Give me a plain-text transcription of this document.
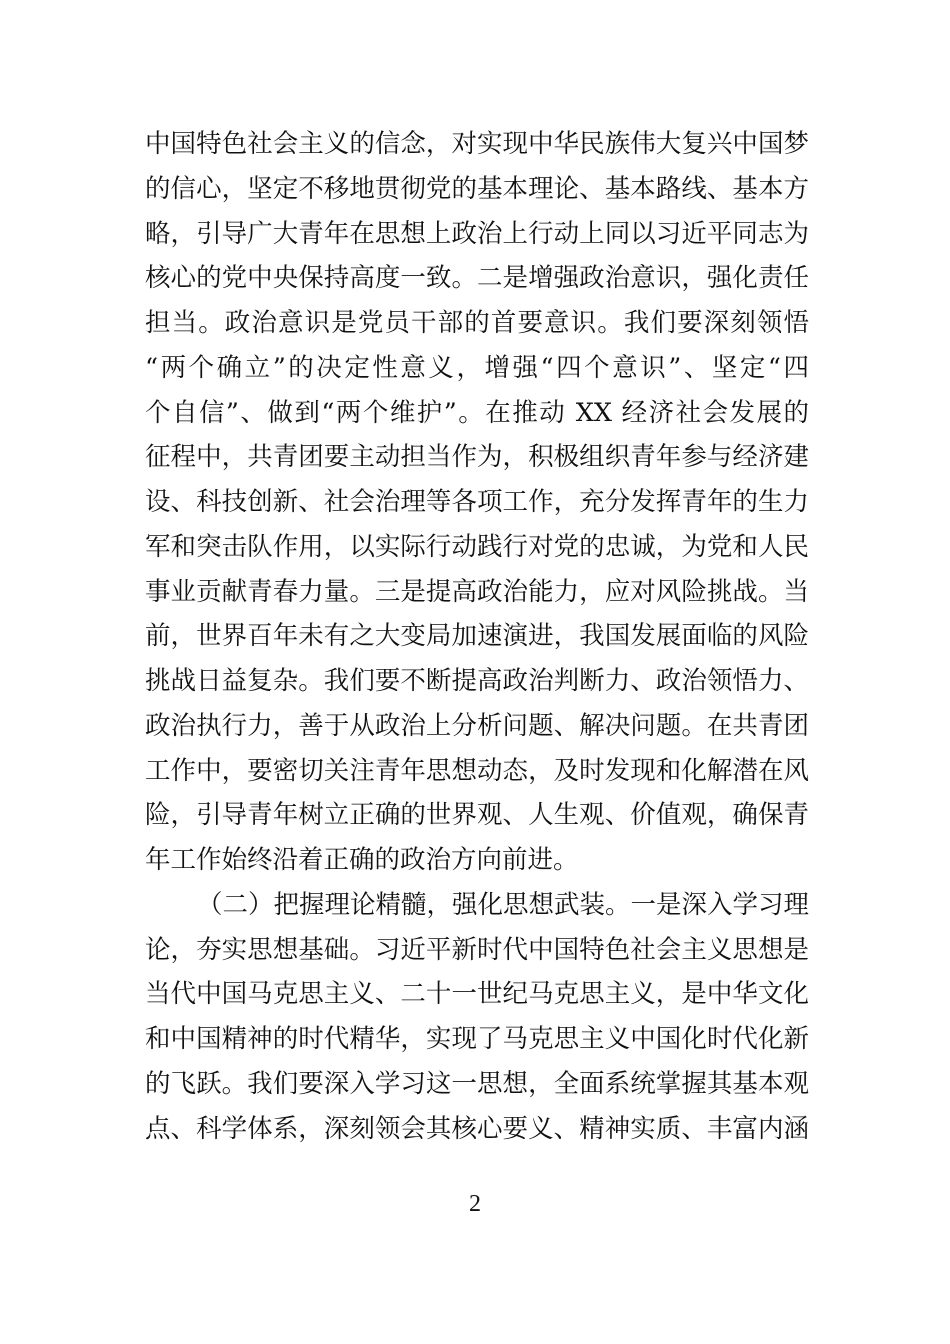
中国特色社会主义的信念，对实现中华民族伟大复兴中国梦
的信心，坚定不移地贯彻党的基本理论、基本路线、基本方
略，引导广大青年在思想上政治上行动上同以习近平同志为
核心的党中央保持高度一致。二是增强政治意识，强化责任
担当。政治意识是党员干部的首要意识。我们要深刻领悟
“两个确立”的决定性意义，增强“四个意识”、坚定“四
个自信”、做到“两个维护”。在推动 XX 经济社会发展的
征程中，共青团要主动担当作为，积极组织青年参与经济建
设、科技创新、社会治理等各项工作，充分发挥青年的生力
军和突击队作用，以实际行动践行对党的忠诚，为党和人民
事业贡献青春力量。三是提高政治能力，应对风险挑战。当
前，世界百年未有之大变局加速演进，我国发展面临的风险
挑战日益复杂。我们要不断提高政治判断力、政治领悟力、
政治执行力，善于从政治上分析问题、解决问题。在共青团
工作中，要密切关注青年思想动态，及时发现和化解潜在风
险，引导青年树立正确的世界观、人生观、价值观，确保青
年工作始终沿着正确的政治方向前进。
（二）把握理论精髓，强化思想武装。一是深入学习理
论，夯实思想基础。习近平新时代中国特色社会主义思想是
当代中国马克思主义、二十一世纪马克思主义，是中华文化
和中国精神的时代精华，实现了马克思主义中国化时代化新
的飞跃。我们要深入学习这一思想，全面系统掌握其基本观
点、科学体系，深刻领会其核心要义、精神实质、丰富内涵
2
